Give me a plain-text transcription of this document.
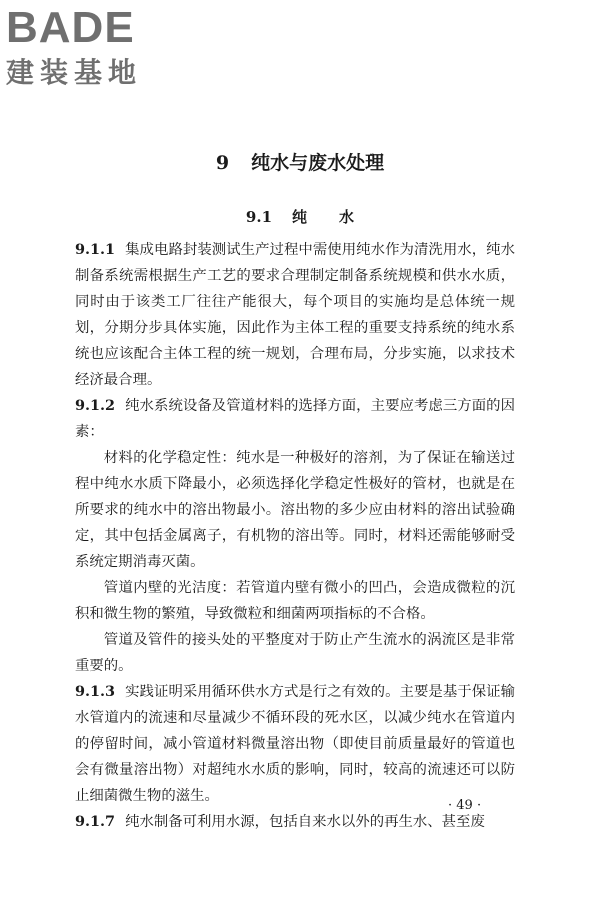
BADE
建装基地
9 纯水与废水处理
9.1 纯 水

9.1.1 集成电路封装测试生产过程中需使用纯水作为清洗用水，纯水制备系统需根据生产工艺的要求合理制定制备系统规模和供水水质，同时由于该类工厂往往产能很大，每个项目的实施均是总体统一规划，分期分步具体实施，因此作为主体工程的重要支持系统的纯水系统也应该配合主体工程的统一规划，合理布局，分步实施，以求技术经济最合理。

9.1.2 纯水系统设备及管道材料的选择方面，主要应考虑三方面的因素：

材料的化学稳定性：纯水是一种极好的溶剂，为了保证在输送过程中纯水水质下降最小，必须选择化学稳定性极好的管材，也就是在所要求的纯水中的溶出物最小。溶出物的多少应由材料的溶出试验确定，其中包括金属离子，有机物的溶出等。同时，材料还需能够耐受系统定期消毒灭菌。

管道内壁的光洁度：若管道内壁有微小的凹凸，会造成微粒的沉积和微生物的繁殖，导致微粒和细菌两项指标的不合格。

管道及管件的接头处的平整度对于防止产生流水的涡流区是非常重要的。

9.1.3 实践证明采用循环供水方式是行之有效的。主要是基于保证输水管道内的流速和尽量减少不循环段的死水区，以减少纯水在管道内的停留时间，减小管道材料微量溶出物（即使目前质量最好的管道也会有微量溶出物）对超纯水水质的影响，同时，较高的流速还可以防止细菌微生物的滋生。

9.1.7 纯水制备可利用水源，包括自来水以外的再生水、甚至废

· 49 ·
